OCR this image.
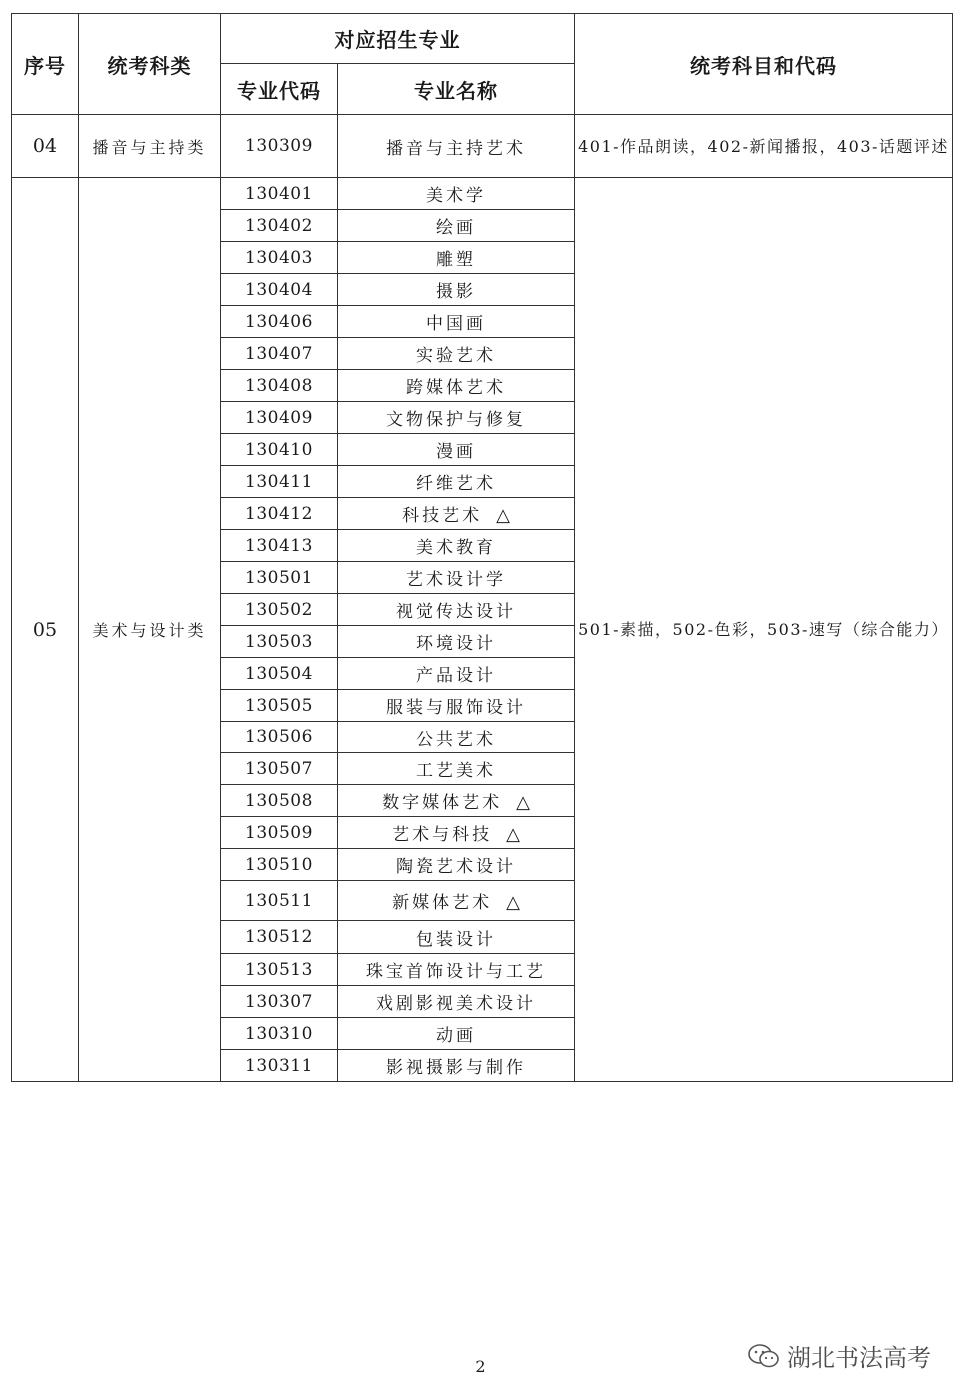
序号	统考科类	对应招生专业		统考科目和代码
		专业代码	专业名称	
04	播音与主持类	130309	播音与主持艺术	401-作品朗读，402-新闻播报，403-话题评述
05	美术与设计类	130401	美术学	501-素描，502-色彩，503-速写（综合能力）
		130402	绘画	
		130403	雕塑	
		130404	摄影	
		130406	中国画	
		130407	实验艺术	
		130408	跨媒体艺术	
		130409	文物保护与修复	
		130410	漫画	
		130411	纤维艺术	
		130412	科技艺术 △	
		130413	美术教育	
		130501	艺术设计学	
		130502	视觉传达设计	
		130503	环境设计	
		130504	产品设计	
		130505	服装与服饰设计	
		130506	公共艺术	
		130507	工艺美术	
		130508	数字媒体艺术 △	
		130509	艺术与科技 △	
		130510	陶瓷艺术设计	
		130511	新媒体艺术 △	
		130512	包装设计	
		130513	珠宝首饰设计与工艺	
		130307	戏剧影视美术设计	
		130310	动画	
		130311	影视摄影与制作	
2	湖北书法高考
